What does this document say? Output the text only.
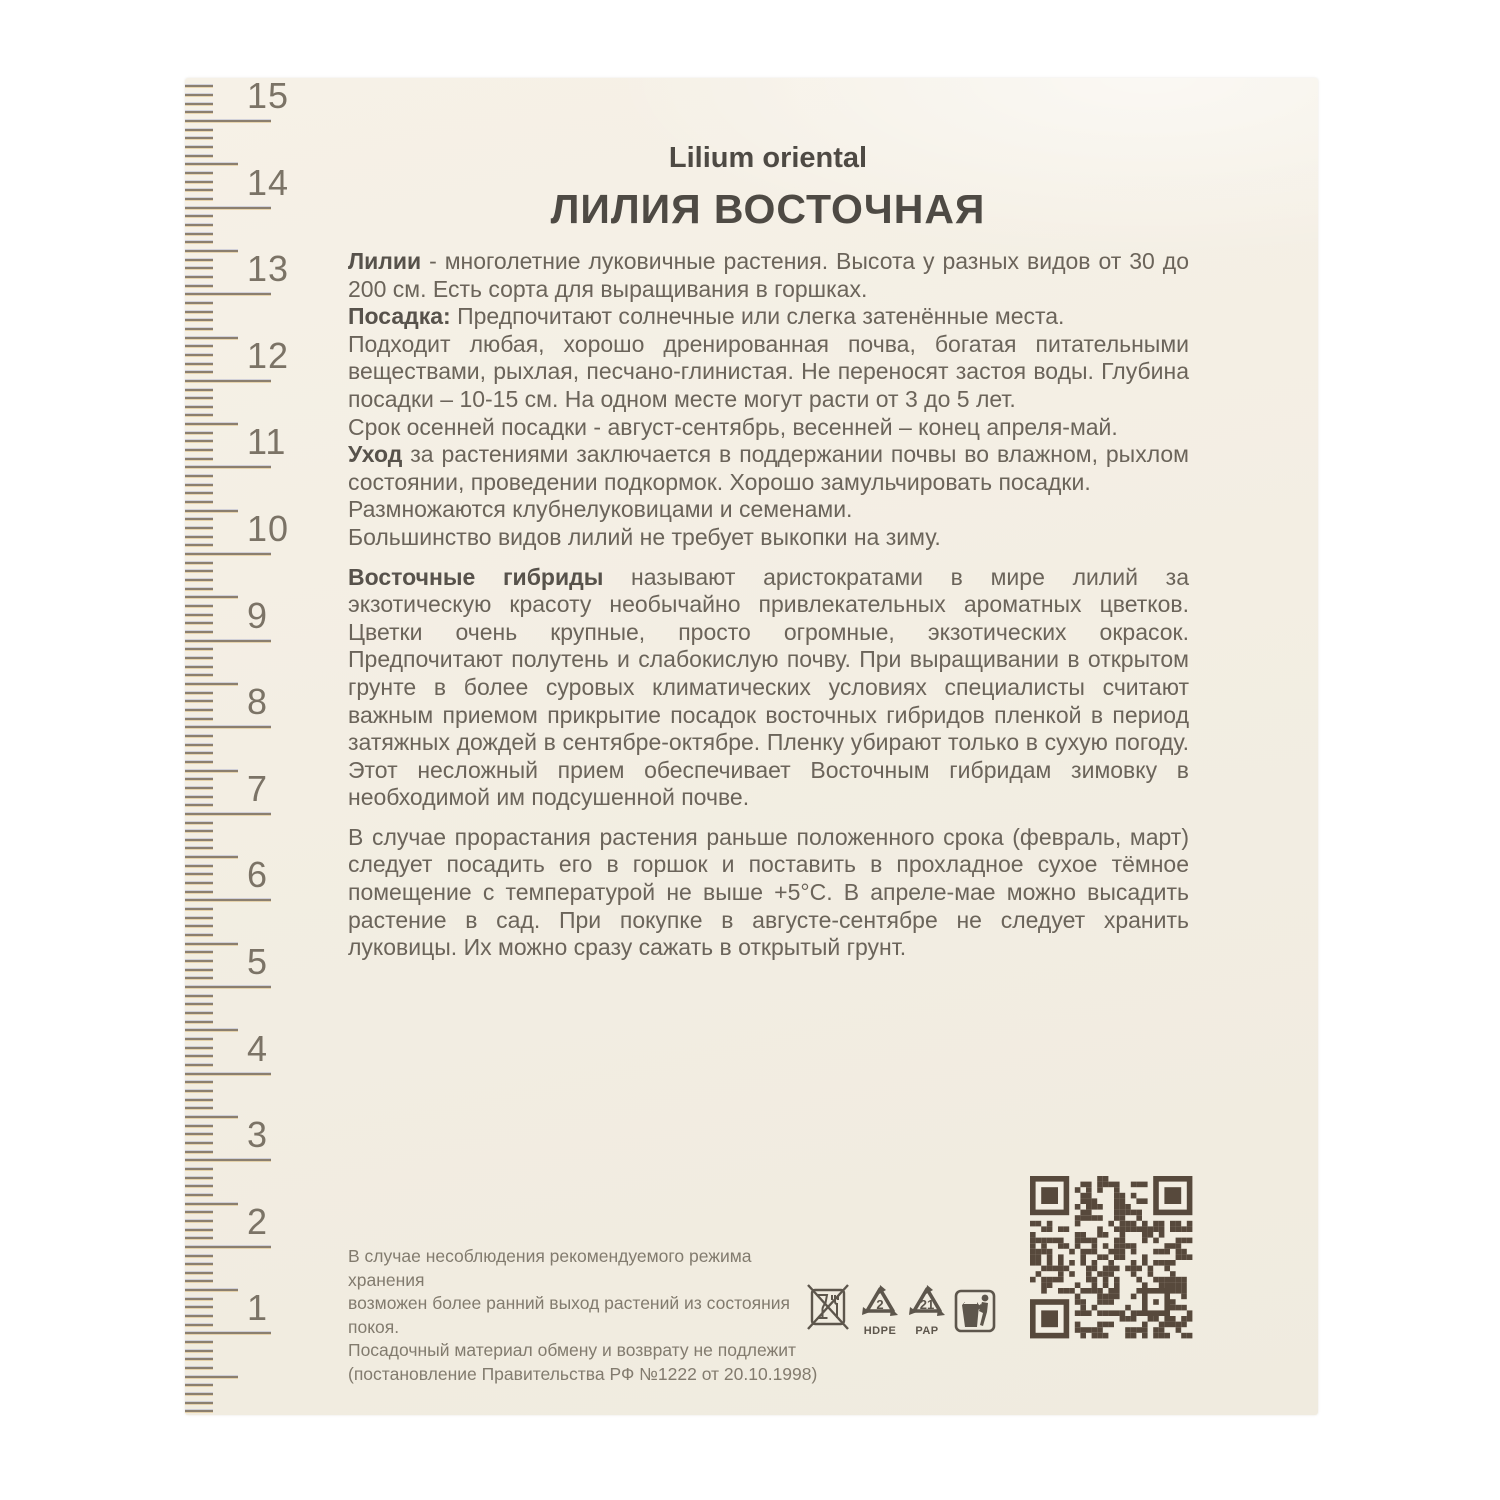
15
14
13
12
11
10
9
8
7
6
5
4
3
2
1
Lilium oriental
ЛИЛИЯ ВОСТОЧНАЯ

Лилии - многолетние луковичные растения. Высота у разных видов от 30 до 200 см. Есть сорта для выращивания в горшках.

Посадка: Предпочитают солнечные или слегка затенённые места.

Подходит любая, хорошо дренированная почва, богатая питательными веществами, рыхлая, песчано-глинистая. Не переносят застоя воды. Глубина посадки – 10-15 см. На одном месте могут расти от 3 до 5 лет.

Срок осенней посадки - август-сентябрь, весенней – конец апреля-май.

Уход за растениями заключается в поддержании почвы во влажном, рыхлом состоянии, проведении подкормок. Хорошо замульчировать посадки.

Размножаются клубнелуковицами и семенами.

Большинство видов лилий не требует выкопки на зиму.

Восточные гибриды называют аристократами в мире лилий за экзотическую красоту необычайно привлекательных ароматных цветков. Цветки очень крупные, просто огромные, экзотических окрасок. Предпочитают полутень и слабокислую почву. При выращивании в открытом грунте в более суровых климатических условиях специалисты считают важным приемом прикрытие посадок восточных гибридов пленкой в период затяжных дождей в сентябре-октябре. Пленку убирают только в сухую погоду. Этот несложный прием обеспечивает Восточным гибридам зимовку в необходимой им подсушенной почве.

В случае прорастания растения раньше положенного срока (февраль, март) следует посадить его в горшок и поставить в прохладное сухое тёмное помещение с температурой не выше +5°С. В апреле-мае можно высадить растение в сад. При покупке в августе-сентябре не следует хранить луковицы. Их можно сразу сажать в открытый грунт.

В случае несоблюдения рекомендуемого режима хранения
возможен более ранний выход растений из состояния покоя.
Посадочный материал обмену и возврату не подлежит
(постановление Правительства РФ №1222 от 20.10.1998)
2
HDPE
21
PAP
